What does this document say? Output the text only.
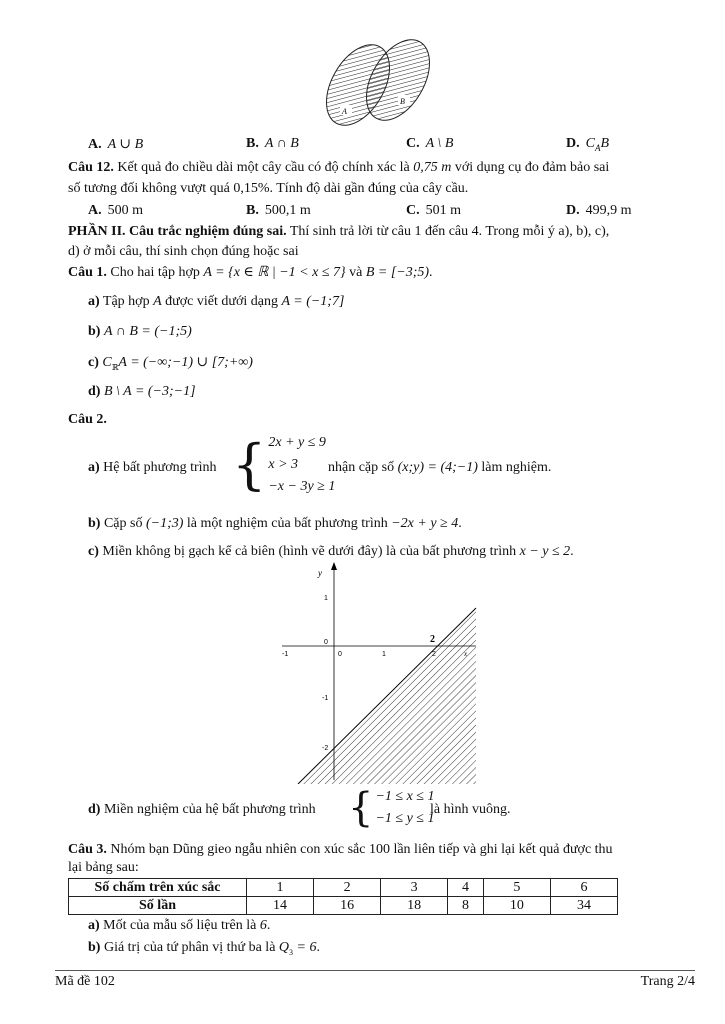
A
B
A. A ∪ B	B. A ∩ B	C. A \ B	D. $C_AB$
Câu 12. Kết quả đo chiều dài một cây cầu có độ chính xác là 0,75 m với dụng cụ đo đảm bảo sai
số tương đối không vượt quá 0,15%. Tính độ dài gần đúng của cây cầu.
A. 500 m	B. 500,1 m	C. 501 m	D. 499,9 m
PHẦN II. Câu trắc nghiệm đúng sai. Thí sinh trả lời từ câu 1 đến câu 4. Trong mỗi ý a), b), c),
d) ở mỗi câu, thí sinh chọn đúng hoặc sai
Câu 1. Cho hai tập hợp A = {x ∈ ℝ | −1 < x ≤ 7} và B = [−3;5).
a) Tập hợp A được viết dưới dạng A = (−1;7]
b) A ∩ B = (−1;5)
c) $C_ℝA$ = (−∞;−1) ∪ [7;+∞)
d) B \ A = (−3;−1]
Câu 2.
a) Hệ bất phương trình { 2x + y ≤ 9
x > 3
−x − 3y ≥ 1
nhận cặp số (x;y) = (4;−1) làm nghiệm.
b) Cặp số (−1;3) là một nghiệm của bất phương trình −2x + y ≥ 4.
c) Miền không bị gạch kể cả biên (hình vẽ dưới đây) là của bất phương trình x − y ≤ 2.
y
x
1
0
-1
-2
-1	0	1	2
2
d) Miền nghiệm của hệ bất phương trình { −1 ≤ x ≤ 1
−1 ≤ y ≤ 1
là hình vuông.
Câu 3. Nhóm bạn Dũng gieo ngẫu nhiên con xúc sắc 100 lần liên tiếp và ghi lại kết quả được thu
lại bảng sau:
Số chấm trên xúc sắc	1	2	3	4	5	6
Số lần	14	16	18	8	10	34
a) Mốt của mẫu số liệu trên là 6.
b) Giá trị của tứ phân vị thứ ba là $Q_3 = 6$.
Mã đề 102	Trang 2/4
